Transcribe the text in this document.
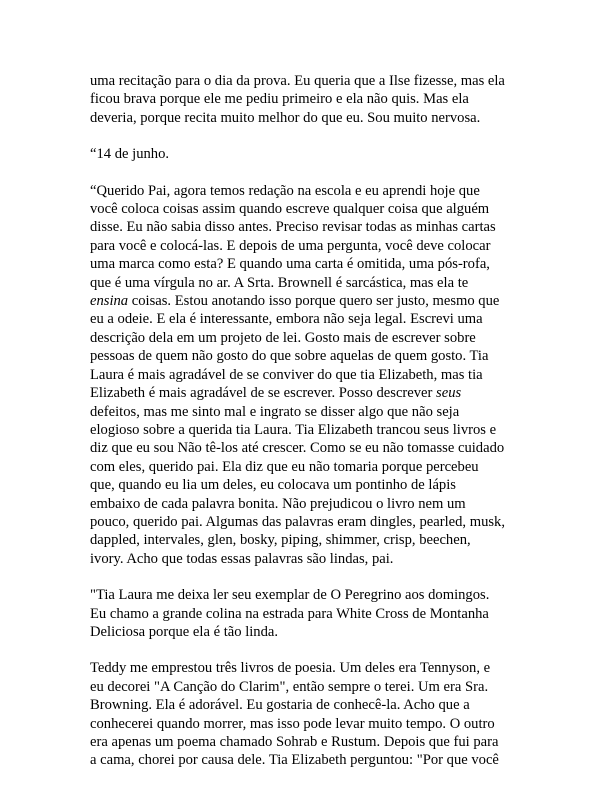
uma recitação para o dia da prova. Eu queria que a Ilse fizesse, mas ela
ficou brava porque ele me pediu primeiro e ela não quis. Mas ela
deveria, porque recita muito melhor do que eu. Sou muito nervosa.

“14 de junho.

“Querido Pai, agora temos redação na escola e eu aprendi hoje que
você coloca coisas assim quando escreve qualquer coisa que alguém
disse. Eu não sabia disso antes. Preciso revisar todas as minhas cartas
para você e colocá-las. E depois de uma pergunta, você deve colocar
uma marca como esta? E quando uma carta é omitida, uma pós-rofa,
que é uma vírgula no ar. A Srta. Brownell é sarcástica, mas ela te
ensina coisas. Estou anotando isso porque quero ser justo, mesmo que
eu a odeie. E ela é interessante, embora não seja legal. Escrevi uma
descrição dela em um projeto de lei. Gosto mais de escrever sobre
pessoas de quem não gosto do que sobre aquelas de quem gosto. Tia
Laura é mais agradável de se conviver do que tia Elizabeth, mas tia
Elizabeth é mais agradável de se escrever. Posso descrever seus
defeitos, mas me sinto mal e ingrato se disser algo que não seja
elogioso sobre a querida tia Laura. Tia Elizabeth trancou seus livros e
diz que eu sou Não tê-los até crescer. Como se eu não tomasse cuidado
com eles, querido pai. Ela diz que eu não tomaria porque percebeu
que, quando eu lia um deles, eu colocava um pontinho de lápis
embaixo de cada palavra bonita. Não prejudicou o livro nem um
pouco, querido pai. Algumas das palavras eram dingles, pearled, musk,
dappled, intervales, glen, bosky, piping, shimmer, crisp, beechen,
ivory. Acho que todas essas palavras são lindas, pai.

"Tia Laura me deixa ler seu exemplar de O Peregrino aos domingos.
Eu chamo a grande colina na estrada para White Cross de Montanha
Deliciosa porque ela é tão linda.

Teddy me emprestou três livros de poesia. Um deles era Tennyson, e
eu decorei "A Canção do Clarim", então sempre o terei. Um era Sra.
Browning. Ela é adorável. Eu gostaria de conhecê-la. Acho que a
conhecerei quando morrer, mas isso pode levar muito tempo. O outro
era apenas um poema chamado Sohrab e Rustum. Depois que fui para
a cama, chorei por causa dele. Tia Elizabeth perguntou: "Por que você
